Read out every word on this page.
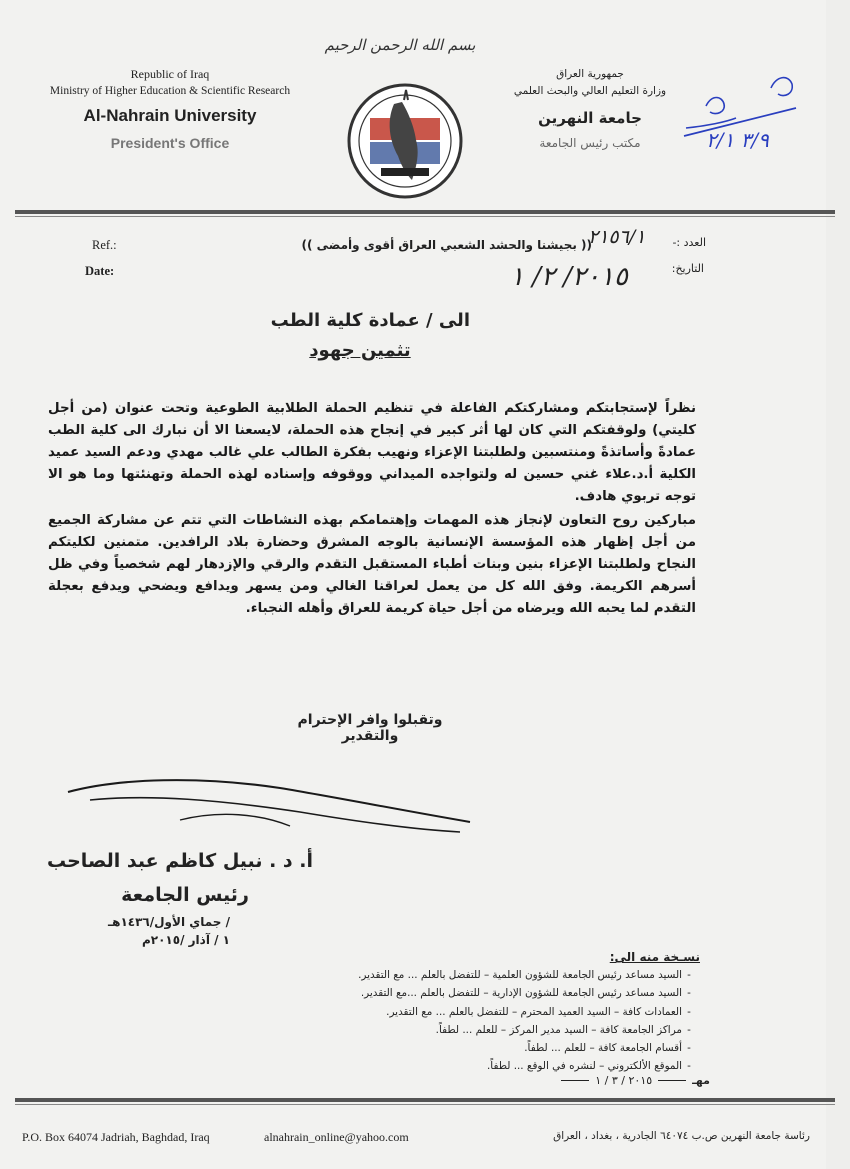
بسم الله الرحمن الرحيم
Republic of Iraq
Ministry of Higher Education & Scientific Research
Al-Nahrain University
President's Office
جمهورية العراق
وزارة التعليم العالي والبحث العلمي
جامعة النهرين
مكتب رئيس الجامعة	٣/٩ ٢/١
Ref.:
Date:
(( بجيشنا والحشد الشعبي العراق أقوى وأمضى ))	العدد :-
٢١٥٦/١
التاريخ:
٢٠١٥/ ٢/ ١
الى / عمادة كلية الطب
تثمين جهود
نظراً لإستجابتكم ومشاركتكم الفاعلة في تنظيم الحملة الطلابية الطوعية وتحت عنوان (من أجل كليتي) ولوقفتكم التي كان لها أثر كبير في إنجاح هذه الحملة، لايسعنا الا أن نبارك الى كلية الطب عمادةً وأساتذةً ومنتسبين ولطلبتنا الإعزاء ونهيب بفكرة الطالب علي غالب مهدي ودعم السيد عميد الكلية أ.د.علاء غني حسين له ولتواجده الميداني ووقوفه وإسناده لهذه الحملة وتهنئتها وما هو الا توجه تربوي هادف.
مباركين روح التعاون لإنجاز هذه المهمات وإهتمامكم بهذه النشاطات التي تتم عن مشاركة الجميع من أجل إظهار هذه المؤسسة الإنسانية بالوجه المشرق وحضارة بلاد الرافدين. متمنين لكليتكم النجاح ولطلبتنا الإعزاء بنين وبنات أطباء المستقبل التقدم والرقي والإزدهار لهم شخصياً وفي ظل أسرهم الكريمة. وفق الله كل من يعمل لعراقنا الغالي ومن يسهر ويدافع ويضحي ويدفع بعجلة التقدم لما يحبه الله ويرضاه من أجل حياة كريمة للعراق وأهله النجباء.
وتقبلوا وافر الإحترام والتقدير
أ. د . نبيل كاظم عبد الصاحب
رئيس الجامعة
/ جماي الأول/١٤٣٦هـ
١ / آذار /٢٠١٥م
نسـخة منه الى:
-
السيد مساعد رئيس الجامعة للشؤون العلمية – للتفضل بالعلم ... مع التقدير.
-
السيد مساعد رئيس الجامعة للشؤون الإدارية – للتفضل بالعلم ...مع التقدير.
-
العمادات كافة – السيد العميد المحترم – للتفضل بالعلم ... مع التقدير.
-
مراكز الجامعة كافة – السيد مدير المركز – للعلم ... لطفاً.
-
أقسام الجامعة كافة – للعلم ... لطفاً.
-
الموقع الألكتروني – لنشره في الوقع ... لطفاً.
مهـ
٢٠١٥ / ٣ / ١
P.O. Box 64074 Jadriah, Baghdad, Iraq	alnahrain_online@yahoo.com	رئاسة جامعة النهرين ص.ب ٦٤٠٧٤ الجادرية ، بغداد ، العراق
